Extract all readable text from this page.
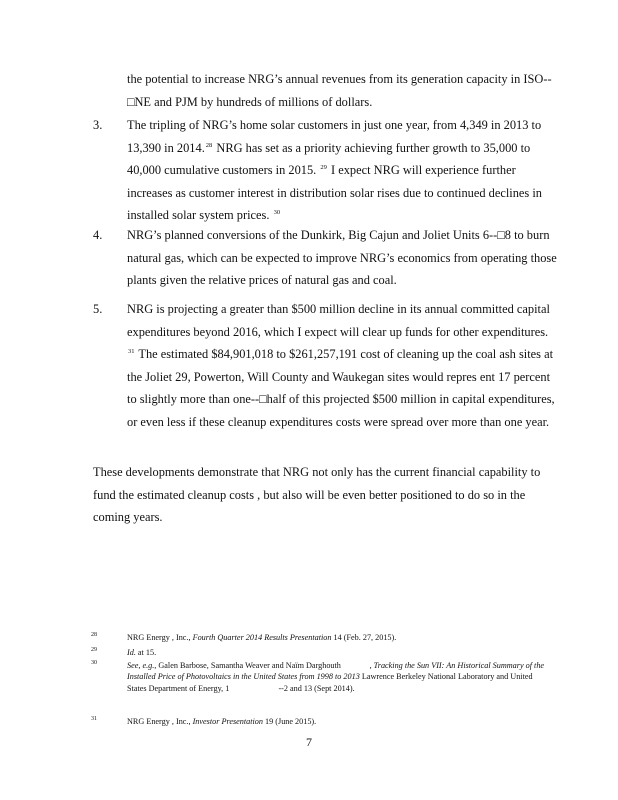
the potential to increase NRG’s annual revenues from its generation capacity in ISO--□NE and PJM by hundreds of millions of dollars.
3.	The tripling of NRG’s home solar customers in just one year, from 4,349 in 2013 to 13,390 in 2014.28 NRG has set as a priority achieving further growth to 35,000 to 40,000 cumulative customers in 2015. $^{29}$ I expect NRG will experience further increases as customer interest in distribution solar rises due to continued declines in installed solar system prices. $^{30}$
4.	NRG’s planned conversions of the Dunkirk, Big Cajun and Joliet Units 6--□8 to burn natural gas, which can be expected to improve NRG’s economics from operating those plants given the relative prices of natural gas and coal.
5.	NRG is projecting a greater than $500 million decline in its annual committed capital expenditures beyond 2016, which I expect will clear up funds for other expenditures. $^{31}$ The estimated $84,901,018 to $261,257,191 cost of cleaning up the coal ash sites at the Joliet 29, Powerton, Will County and Waukegan sites would repres ent 17 percent to slightly more than one--□half of this projected $500 million in capital expenditures, or even less if these cleanup expenditures costs were spread over more than one year.
These developments demonstrate that NRG not only has the current financial capability to fund the estimated cleanup costs , but also will be even better positioned to do so in the coming years.
28	NRG Energy , Inc., Fourth Quarter 2014 Results Presentation 14 (Feb. 27, 2015).
29	Id. at 15.
30	See, e.g., Galen Barbose, Samantha Weaver and Naïm Darghouth              , Tracking the Sun VII: An Historical Summary of the Installed Price of Photovoltaics in the United States from 1998 to 2013 Lawrence Berkeley National Laboratory and United States Department of Energy, 1                        --2 and 13 (Sept 2014).
31	NRG Energy , Inc., Investor Presentation 19 (June 2015).
7
